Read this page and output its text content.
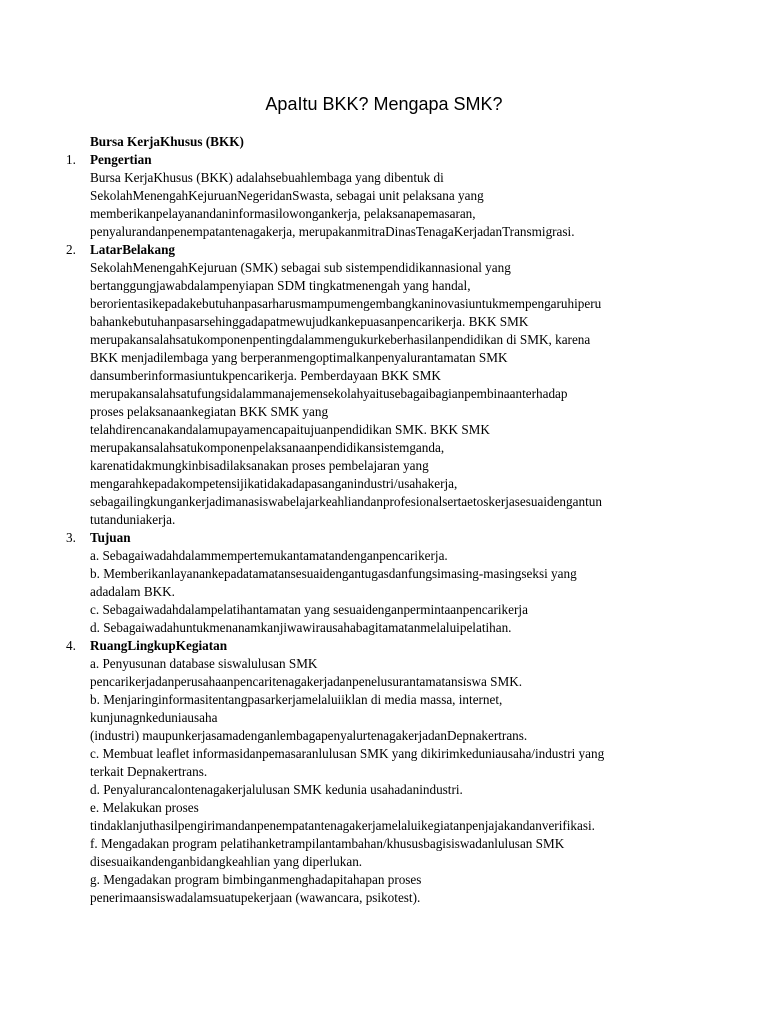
ApaItu BKK? Mengapa SMK?
Bursa KerjaKhusus (BKK)
1. Pengertian
Bursa KerjaKhusus (BKK) adalahsebuahlembaga yang dibentuk di
SekolahMenengahKejuruanNegeridanSwasta, sebagai unit pelaksana yang
memberikanpelayanandaninformasilowongankerja, pelaksanapemasaran,
penyalurandanpenempatantenagakerja, merupakanmitraDinasTenagaKerjadanTransmigrasi.
2. LatarBelakang
SekolahMenengahKejuruan (SMK) sebagai sub sistempendidikannasional yang
bertanggungjawabdalampenyiapan SDM tingkatmenengah yang handal,
berorientasikepadakebutuhanpasarharusmampumengembangkaninovasiuntukmempengaruhiperu
bahankebutuhanpasarsehinggadapatmewujudkankepuasanpencarikerja. BKK SMK
merupakansalahsatukomponenpentingdalammengukurkeberhasilanpendidikan di SMK, karena
BKK menjadilembaga yang berperanmengoptimalkanpenyalurantamatan SMK
dansumberinformasiuntukpencarikerja. Pemberdayaan BKK SMK
merupakansalahsatufungsidalammanajemensekolahyaitusebagaibagianpembinaanterhadap
proses pelaksanaankegiatan BKK SMK yang
telahdirencanakandalamupayamencapaitujuanpendidikan SMK. BKK SMK
merupakansalahsatukomponenpelaksanaanpendidikansistemganda,
karenatidakmungkinbisadilaksanakan proses pembelajaran yang
mengarahkepadakompetensijikatidakadapasanganindustri/usahakerja,
sebagailingkungankerjadimanasiswabelajarkeahliandanprofesionalsertaetoskerjasesuaidengantun
tutanduniakerja.
3. Tujuan
a. Sebagaiwadahdalammempertemukantamatandenganpencarikerja.
b. Memberikanlayanankepadatamatansesuaidengantugasdanfungsimasing-masingseksi yang
adadalam BKK.
c. Sebagaiwadahdalampelatihantamatan yang sesuaidenganpermintaanpencarikerja
d. Sebagaiwadahuntukmenanamkanjiwawirausahabagitamatanmelaluipelatihan.
4. RuangLingkupKegiatan
a. Penyusunan database siswalulusan SMK
pencarikerjadanperusahaanpencaritenagakerjadanpenelusurantamatansiswa SMK.
b. Menjaringinformasitentangpasarkerjamelaluiiklan di media massa, internet,
kunjunagnkeduniausaha
(industri) maupunkerjasamadenganlembagapenyalurtenagakerjadanDepnakertrans.
c. Membuat leaflet informasidanpemasaranlulusan SMK yang dikirimkeduniausaha/industri yang
terkait Depnakertrans.
d. Penyalurancalontenagakerjalulusan SMK kedunia usahadanindustri.
e. Melakukan proses
tindaklanjuthasilpengirimandanpenempatantenagakerjamelaluikegiatanpenjajakandanverifikasi.
f. Mengadakan program pelatihanketrampilantambahan/khususbagisiswadanlulusan SMK
disesuaikandenganbidangkeahlian yang diperlukan.
g. Mengadakan program bimbinganmenghadapitahapan proses
penerimaansiswadalamsuatupekerjaan (wawancara, psikotest).
